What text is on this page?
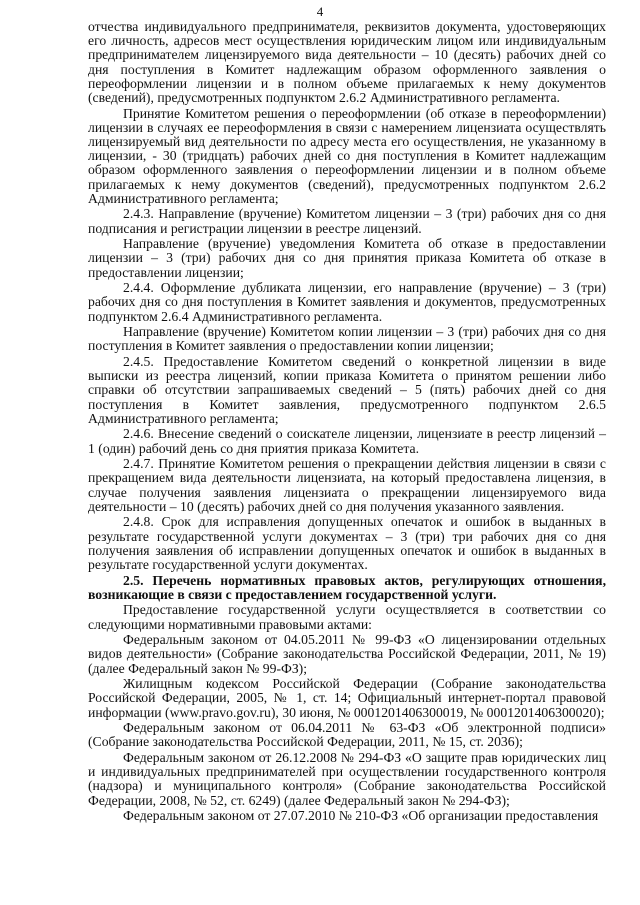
4

отчества индивидуального предпринимателя, реквизитов документа, удостоверяющих его личность, адресов мест осуществления юридическим лицом или индивидуальным предпринимателем лицензируемого вида деятельности – 10 (десять) рабочих дней со дня поступления в Комитет надлежащим образом оформленного заявления о переоформлении лицензии и в полном объеме прилагаемых к нему документов (сведений), предусмотренных подпунктом 2.6.2 Административного регламента.

Принятие Комитетом решения о переоформлении (об отказе в переоформлении) лицензии в случаях ее переоформления в связи с намерением лицензиата осуществлять лицензируемый вид деятельности по адресу места его осуществления, не указанному в лицензии, - 30 (тридцать) рабочих дней со дня поступления в Комитет надлежащим образом оформленного заявления о переоформлении лицензии и в полном объеме прилагаемых к нему документов (сведений), предусмотренных подпунктом 2.6.2 Административного регламента;

2.4.3. Направление (вручение) Комитетом лицензии – 3 (три) рабочих дня со дня подписания и регистрации лицензии в реестре лицензий.

Направление (вручение) уведомления Комитета об отказе в предоставлении лицензии – 3 (три) рабочих дня со дня принятия приказа Комитета об отказе в предоставлении лицензии;

2.4.4. Оформление дубликата лицензии, его направление (вручение) – 3 (три) рабочих дня со дня поступления в Комитет заявления и документов, предусмотренных подпунктом 2.6.4 Административного регламента.

Направление (вручение) Комитетом копии лицензии – 3 (три) рабочих дня со дня поступления в Комитет заявления о предоставлении копии лицензии;

2.4.5. Предоставление Комитетом сведений о конкретной лицензии в виде выписки из реестра лицензий, копии приказа Комитета о принятом решении либо справки об отсутствии запрашиваемых сведений – 5 (пять) рабочих дней со дня поступления в Комитет заявления, предусмотренного подпунктом 2.6.5 Административного регламента;

2.4.6. Внесение сведений о соискателе лицензии, лицензиате в реестр лицензий – 1 (один) рабочий день со дня приятия приказа Комитета.

2.4.7. Принятие Комитетом решения о прекращении действия лицензии в связи с прекращением вида деятельности лицензиата, на который предоставлена лицензия, в случае получения заявления лицензиата о прекращении лицензируемого вида деятельности – 10 (десять) рабочих дней со дня получения указанного заявления.

2.4.8. Срок для исправления допущенных опечаток и ошибок в выданных в результате государственной услуги документах – 3 (три) три рабочих дня со дня получения заявления об исправлении допущенных опечаток и ошибок в выданных в результате государственной услуги документах.

2.5. Перечень нормативных правовых актов, регулирующих отношения, возникающие в связи с предоставлением государственной услуги.

Предоставление государственной услуги осуществляется в соответствии со следующими нормативными правовыми актами:

Федеральным законом от 04.05.2011 № 99-ФЗ «О лицензировании отдельных видов деятельности» (Собрание законодательства Российской Федерации, 2011, № 19) (далее Федеральный закон № 99-ФЗ);

Жилищным кодексом Российской Федерации (Собрание законодательства Российской Федерации, 2005, № 1, ст. 14; Официальный интернет-портал правовой информации (www.pravo.gov.ru), 30 июня, № 0001201406300019, № 0001201406300020);

Федеральным законом от 06.04.2011 № 63-ФЗ «Об электронной подписи» (Собрание законодательства Российской Федерации, 2011, № 15, ст. 2036);

Федеральным законом от 26.12.2008 № 294-ФЗ «О защите прав юридических лиц и индивидуальных предпринимателей при осуществлении государственного контроля (надзора) и муниципального контроля» (Собрание законодательства Российской Федерации, 2008, № 52, ст. 6249) (далее Федеральный закон № 294-ФЗ);

Федеральным законом от 27.07.2010 № 210-ФЗ «Об организации предоставления
